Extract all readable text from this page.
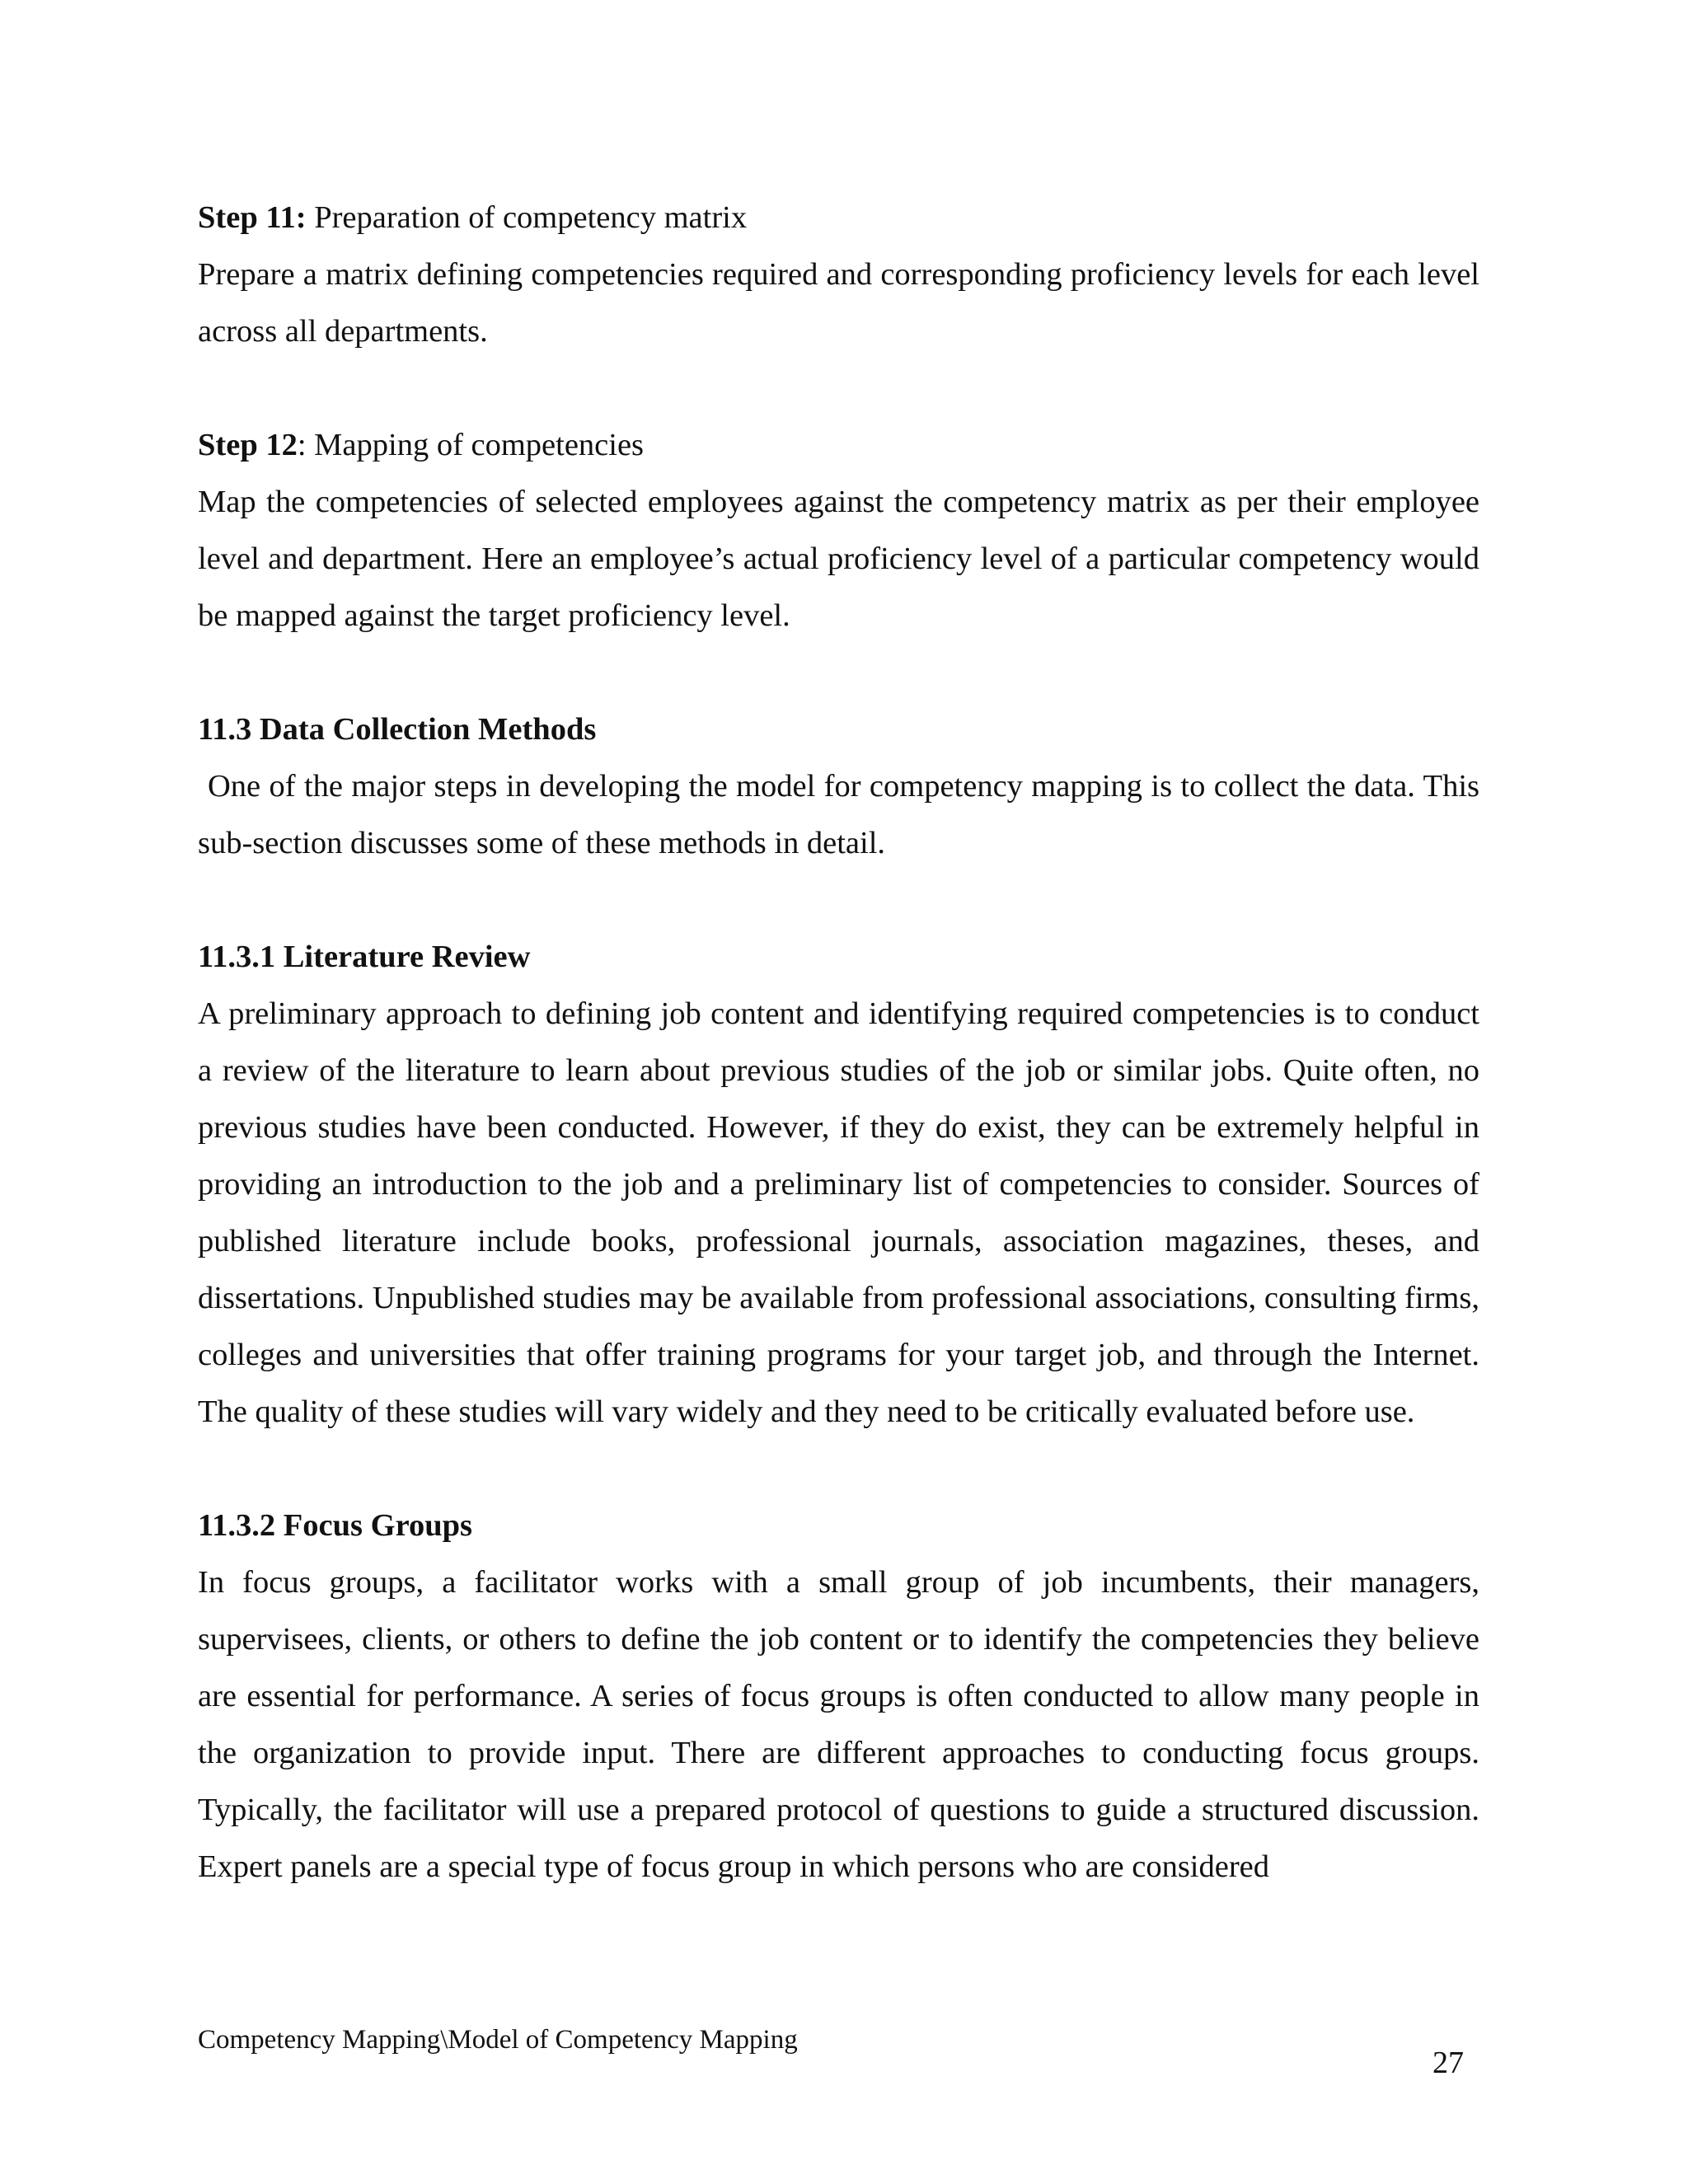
Step 11: Preparation of competency matrix

Prepare a matrix defining competencies required and corresponding proficiency levels for each level across all departments.

Step 12: Mapping of competencies

Map the competencies of selected employees against the competency matrix as per their employee level and department. Here an employee’s actual proficiency level of a particular competency would be mapped against the target proficiency level.

11.3 Data Collection Methods

One of the major steps in developing the model for competency mapping is to collect the data. This sub-section discusses some of these methods in detail.

11.3.1 Literature Review

A preliminary approach to defining job content and identifying required competencies is to conduct a review of the literature to learn about previous studies of the job or similar jobs. Quite often, no previous studies have been conducted. However, if they do exist, they can be extremely helpful in providing an introduction to the job and a preliminary list of competencies to consider. Sources of published literature include books, professional journals, association magazines, theses, and dissertations. Unpublished studies may be available from professional associations, consulting firms, colleges and universities that offer training programs for your target job, and through the Internet. The quality of these studies will vary widely and they need to be critically evaluated before use.

11.3.2 Focus Groups

In focus groups, a facilitator works with a small group of job incumbents, their managers, supervisees, clients, or others to define the job content or to identify the competencies they believe are essential for performance. A series of focus groups is often conducted to allow many people in the organization to provide input. There are different approaches to conducting focus groups. Typically, the facilitator will use a prepared protocol of questions to guide a structured discussion. Expert panels are a special type of focus group in which persons who are considered

Competency Mapping\Model of Competency Mapping
27
